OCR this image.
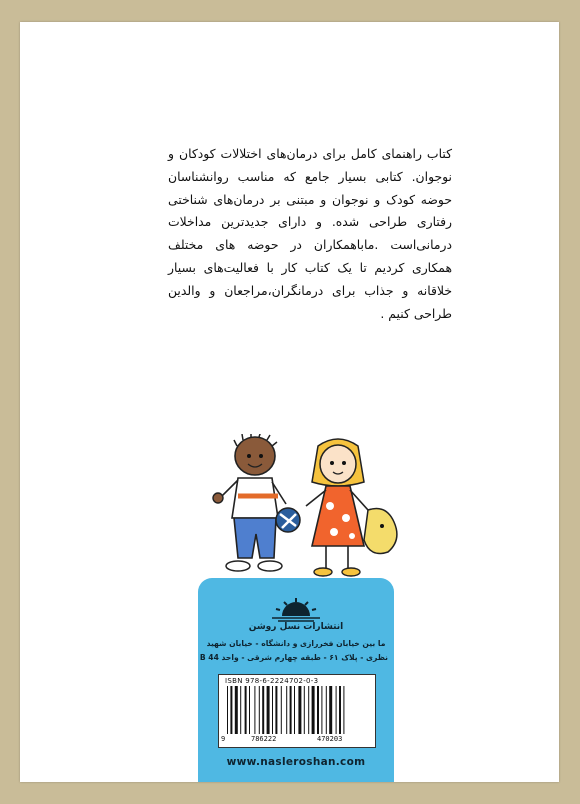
کتاب راهنمای کامل برای درمان‌های اختلالات کودکان و نوجوان. کتابی بسیار جامع که مناسب روانشناسان حوضه کودک و نوجوان و مبتنی بر درمان‌های شناختی رفتاری طراحی شده. و دارای جدیدترین مداخلات درمانی‌است .ماباهمکاران در حوضه های مختلف همکاری کردیم تا یک کتاب کار با فعالیت‌های بسیار خلاقانه و جذاب برای درمانگران،مراجعان و والدین طراحی کنیم .
انتشارات نسل روشن
ما بین خیابان فخررازی و دانشگاه - خیابان شهید
نظری - پلاک ۶۱ - طبقه چهارم شرقی - واحد 44 B
ISBN 978-6-2224702-0-3
9	786222	470203
www.nasleroshan.com
